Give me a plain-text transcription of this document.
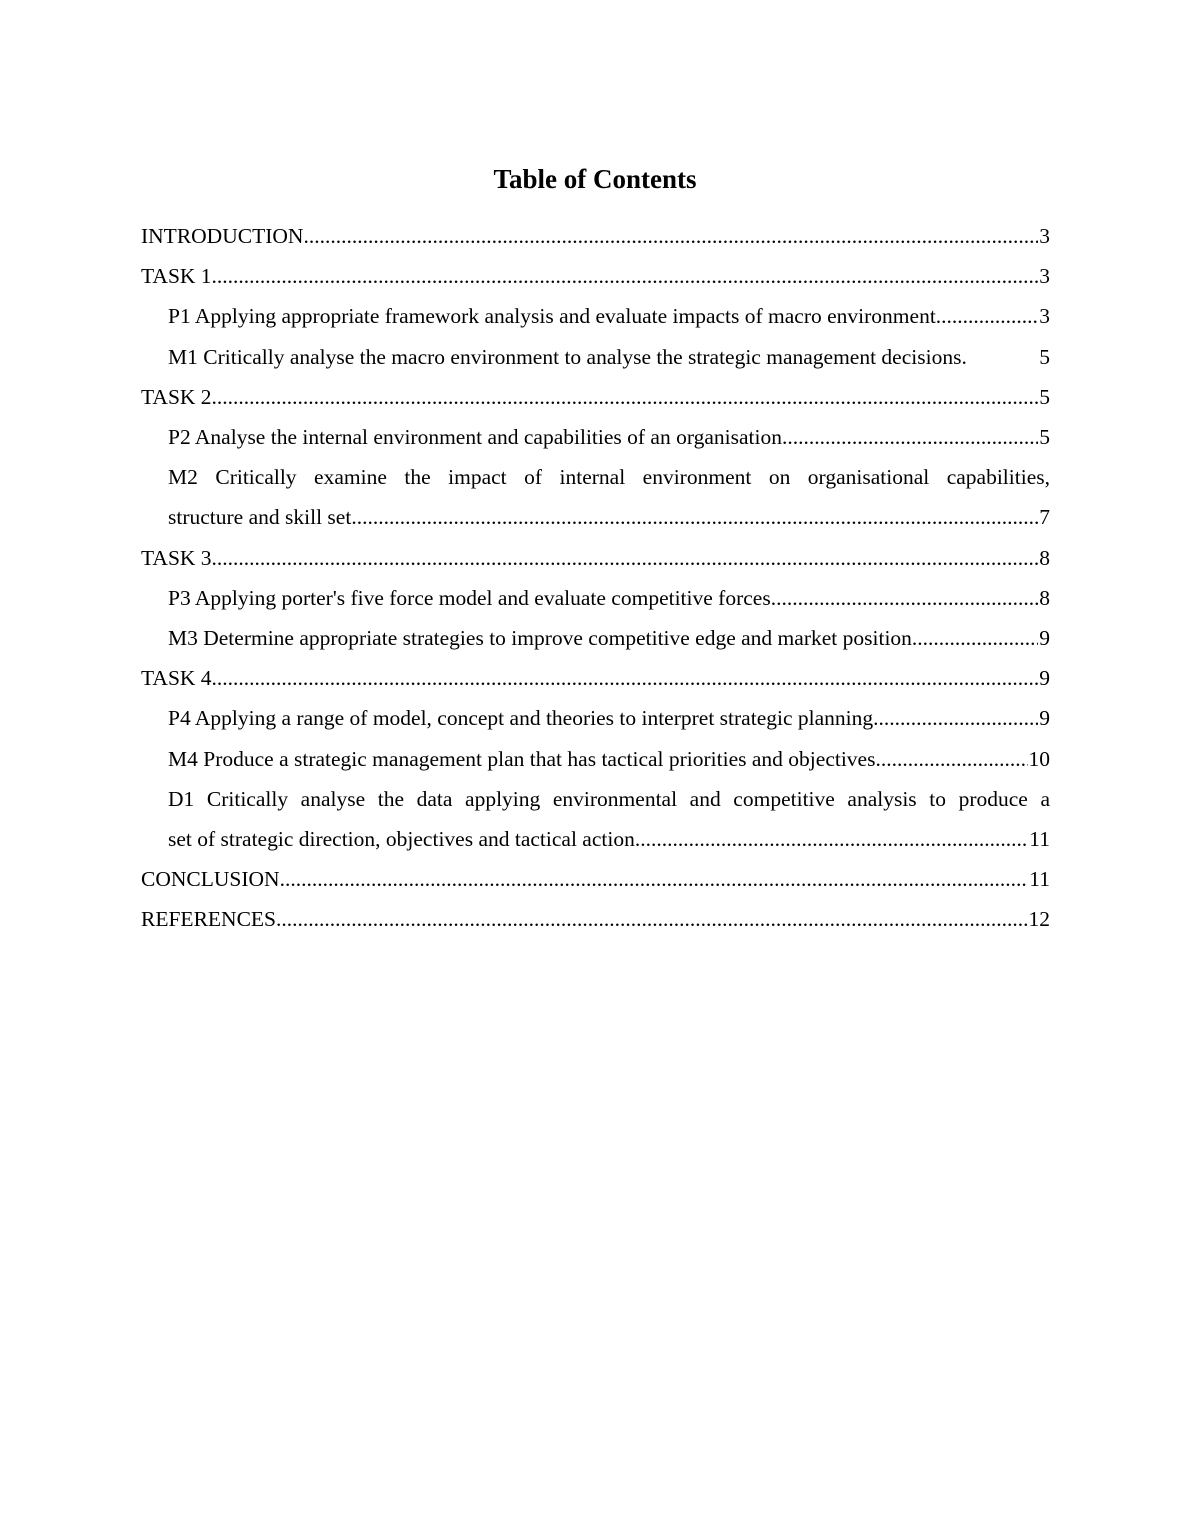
Table of Contents
INTRODUCTION .....	3
TASK 1 .....	3
P1 Applying appropriate framework analysis and evaluate impacts of macro environment .....	3
M1 Critically analyse the macro environment to analyse the strategic management decisions.	5
TASK 2 .....	5
P2 Analyse the internal environment and capabilities of an organisation .....	5
M2 Critically examine the impact of internal environment on organisational capabilities,
structure and skill set .....	7
TASK 3 .....	8
P3 Applying porter's five force model and evaluate competitive forces .....	8
M3 Determine appropriate strategies to improve competitive edge and market position .....	9
TASK 4 .....	9
P4 Applying a range of model, concept and theories to interpret strategic planning .....	9
M4 Produce a strategic management plan that has tactical priorities and objectives .....	10
D1 Critically analyse the data applying environmental and competitive analysis to produce a
set of strategic direction, objectives and tactical action .....	11
CONCLUSION .....	11
REFERENCES .....	12
